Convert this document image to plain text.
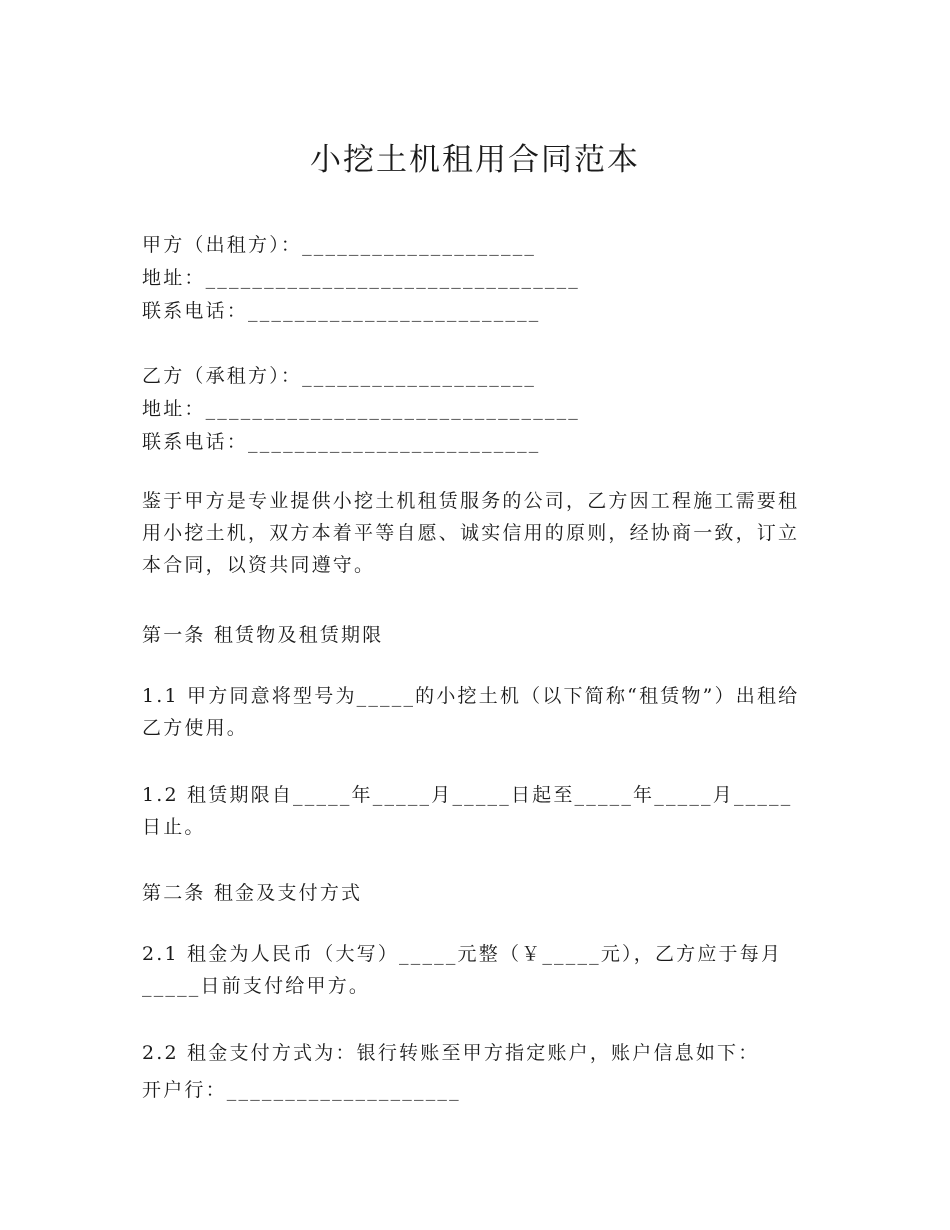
小挖土机租用合同范本
甲方（出租方）：____________________
地址：________________________________
联系电话：_________________________
乙方（承租方）：____________________
地址：________________________________
联系电话：_________________________
鉴于甲方是专业提供小挖土机租赁服务的公司，乙方因工程施工需要租用小挖土机，双方本着平等自愿、诚实信用的原则，经协商一致，订立本合同，以资共同遵守。
第一条 租赁物及租赁期限
1.1 甲方同意将型号为_____的小挖土机（以下简称“租赁物”）出租给乙方使用。
1.2 租赁期限自_____年_____月_____日起至_____年_____月_____日止。
第二条 租金及支付方式
2.1 租金为人民币（大写）_____元整（￥_____元），乙方应于每月_____日前支付给甲方。
2.2 租金支付方式为：银行转账至甲方指定账户，账户信息如下：
开户行：____________________
